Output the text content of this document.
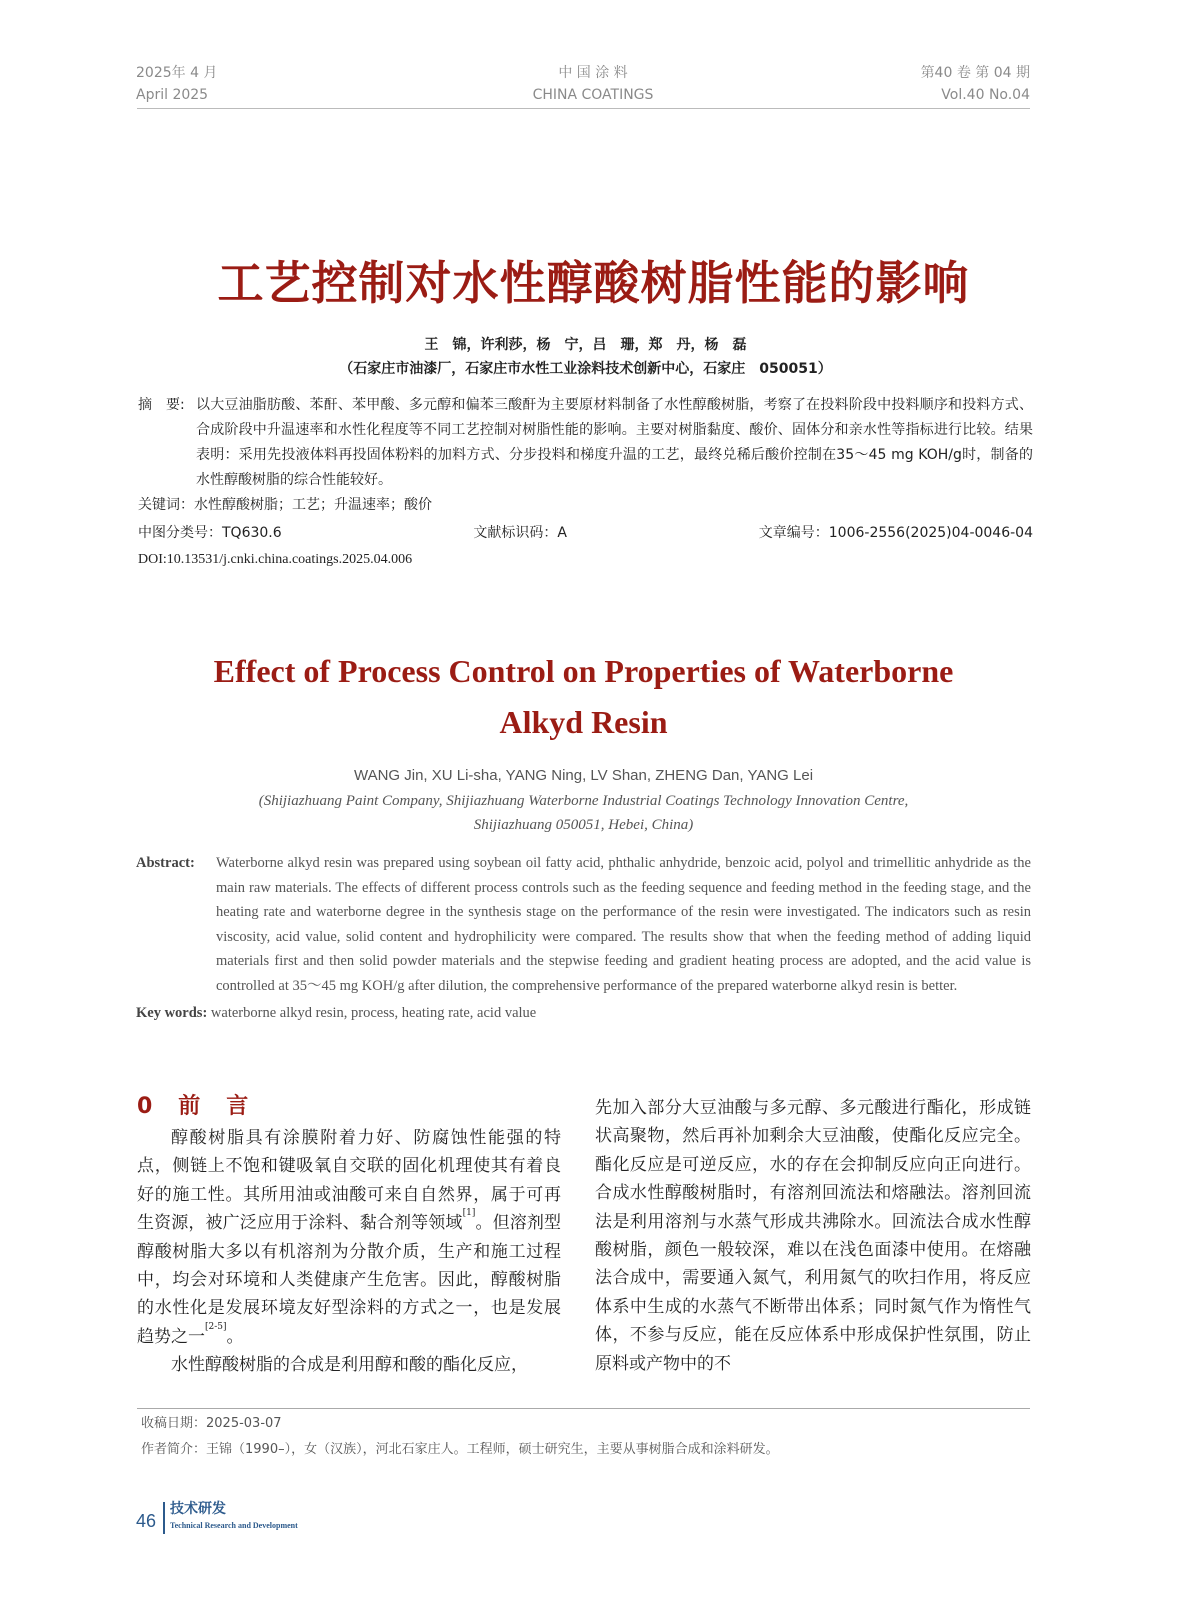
2025年 4 月
April 2025
中 国 涂 料
CHINA COATINGS
第40 卷 第 04 期
Vol.40 No.04
工艺控制对水性醇酸树脂性能的影响
王　锦，许利莎，杨　宁，吕　珊，郑　丹，杨　磊
（石家庄市油漆厂，石家庄市水性工业涂料技术创新中心，石家庄　050051）
摘　要: 以大豆油脂肪酸、苯酐、苯甲酸、多元醇和偏苯三酸酐为主要原材料制备了水性醇酸树脂，考察了在投料阶段中投料顺序和投料方式、合成阶段中升温速率和水性化程度等不同工艺控制对树脂性能的影响。主要对树脂黏度、酸价、固体分和亲水性等指标进行比较。结果表明：采用先投液体料再投固体粉料的加料方式、分步投料和梯度升温的工艺，最终兑稀后酸价控制在35～45 mg KOH/g时，制备的水性醇酸树脂的综合性能较好。
关键词：水性醇酸树脂；工艺；升温速率；酸价
中图分类号：TQ630.6	文献标识码：A	文章编号：1006-2556(2025)04-0046-04
DOI:10.13531/j.cnki.china.coatings.2025.04.006
Effect of Process Control on Properties of Waterborne
Alkyd Resin
WANG Jin, XU Li-sha, YANG Ning, LV Shan, ZHENG Dan, YANG Lei
(Shijiazhuang Paint Company, Shijiazhuang Waterborne Industrial Coatings Technology Innovation Centre,
Shijiazhuang 050051, Hebei, China)
Abstract: Waterborne alkyd resin was prepared using soybean oil fatty acid, phthalic anhydride, benzoic acid, polyol and trimellitic anhydride as the main raw materials. The effects of different process controls such as the feeding sequence and feeding method in the feeding stage, and the heating rate and waterborne degree in the synthesis stage on the performance of the resin were investigated. The indicators such as resin viscosity, acid value, solid content and hydrophilicity were compared. The results show that when the feeding method of adding liquid materials first and then solid powder materials and the stepwise feeding and gradient heating process are adopted, and the acid value is controlled at 35～45 mg KOH/g after dilution, the comprehensive performance of the prepared waterborne alkyd resin is better.
Key words: waterborne alkyd resin, process, heating rate, acid value
0　前　言

醇酸树脂具有涂膜附着力好、防腐蚀性能强的特点，侧链上不饱和键吸氧自交联的固化机理使其有着良好的施工性。其所用油或油酸可来自自然界，属于可再生资源，被广泛应用于涂料、黏合剂等领域[1]。但溶剂型醇酸树脂大多以有机溶剂为分散介质，生产和施工过程中，均会对环境和人类健康产生危害。因此，醇酸树脂的水性化是发展环境友好型涂料的方式之一，也是发展趋势之一[2-5]。

水性醇酸树脂的合成是利用醇和酸的酯化反应，

先加入部分大豆油酸与多元醇、多元酸进行酯化，形成链状高聚物，然后再补加剩余大豆油酸，使酯化反应完全。酯化反应是可逆反应，水的存在会抑制反应向正向进行。合成水性醇酸树脂时，有溶剂回流法和熔融法。溶剂回流法是利用溶剂与水蒸气形成共沸除水。回流法合成水性醇酸树脂，颜色一般较深，难以在浅色面漆中使用。在熔融法合成中，需要通入氮气，利用氮气的吹扫作用，将反应体系中生成的水蒸气不断带出体系；同时氮气作为惰性气体，不参与反应，能在反应体系中形成保护性氛围，防止原料或产物中的不

收稿日期：2025-03-07
作者简介：王锦（1990–），女（汉族），河北石家庄人。工程师，硕士研究生，主要从事树脂合成和涂料研发。
46
技术研发
Technical Research and Development
